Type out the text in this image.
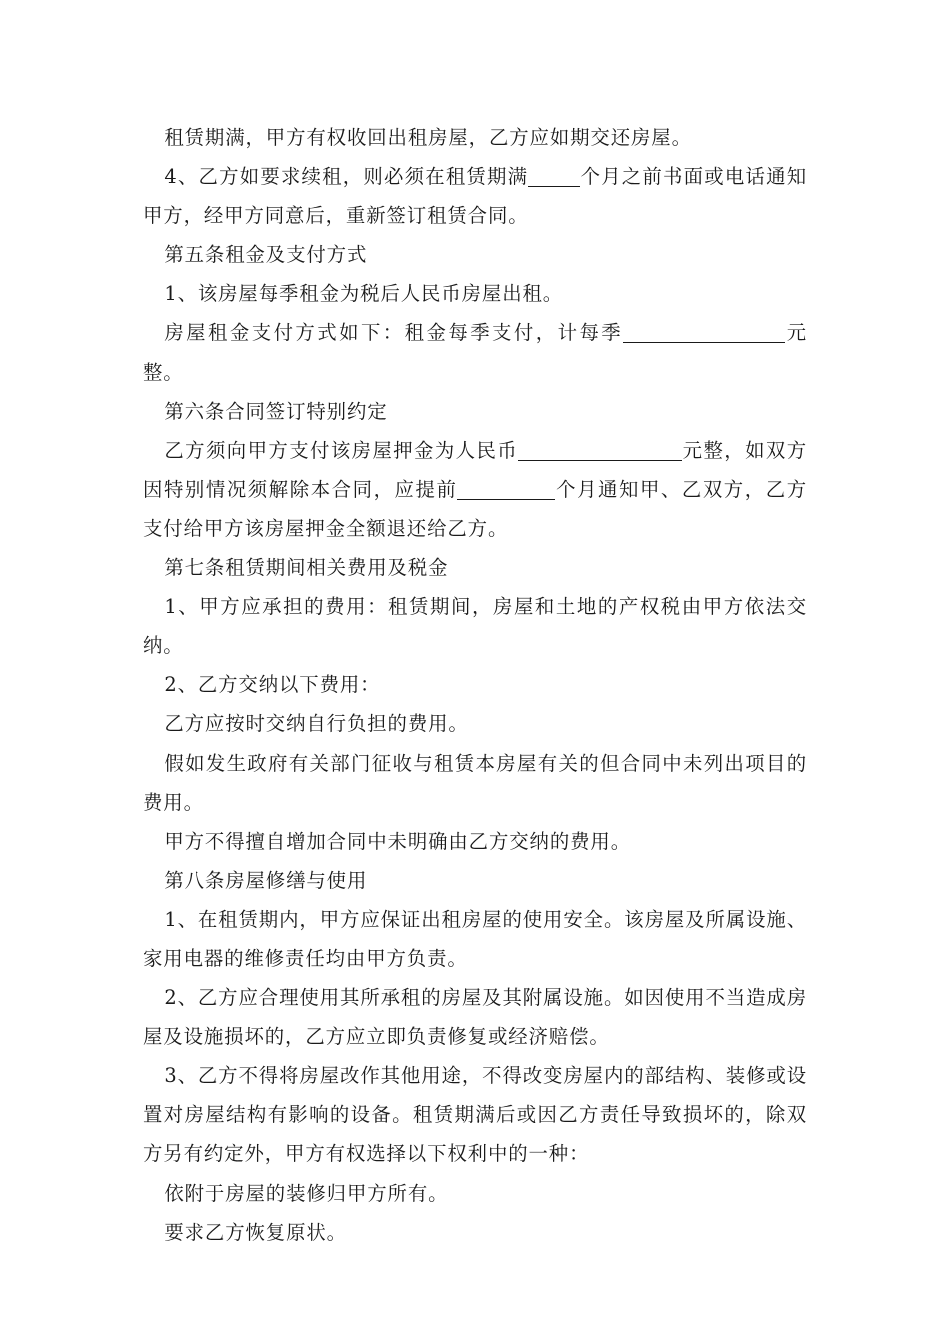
租赁期满，甲方有权收回出租房屋，乙方应如期交还房屋。

4、乙方如要求续租，则必须在租赁期满	个月之前书面或电话通知甲方，经甲方同意后，重新签订租赁合同。

第五条租金及支付方式

1、该房屋每季租金为税后人民币房屋出租。

房屋租金支付方式如下：租金每季支付，计每季	元整。

第六条合同签订特别约定

乙方须向甲方支付该房屋押金为人民币	元整，如双方因特别情况须解除本合同，应提前	个月通知甲、乙双方，乙方支付给甲方该房屋押金全额退还给乙方。

第七条租赁期间相关费用及税金

1、甲方应承担的费用：租赁期间，房屋和土地的产权税由甲方依法交纳。

2、乙方交纳以下费用：

乙方应按时交纳自行负担的费用。

假如发生政府有关部门征收与租赁本房屋有关的但合同中未列出项目的费用。

甲方不得擅自增加合同中未明确由乙方交纳的费用。

第八条房屋修缮与使用

1、在租赁期内，甲方应保证出租房屋的使用安全。该房屋及所属设施、家用电器的维修责任均由甲方负责。

2、乙方应合理使用其所承租的房屋及其附属设施。如因使用不当造成房屋及设施损坏的，乙方应立即负责修复或经济赔偿。

3、乙方不得将房屋改作其他用途，不得改变房屋内的部结构、装修或设置对房屋结构有影响的设备。租赁期满后或因乙方责任导致损坏的，除双方另有约定外，甲方有权选择以下权利中的一种：

依附于房屋的装修归甲方所有。

要求乙方恢复原状。
